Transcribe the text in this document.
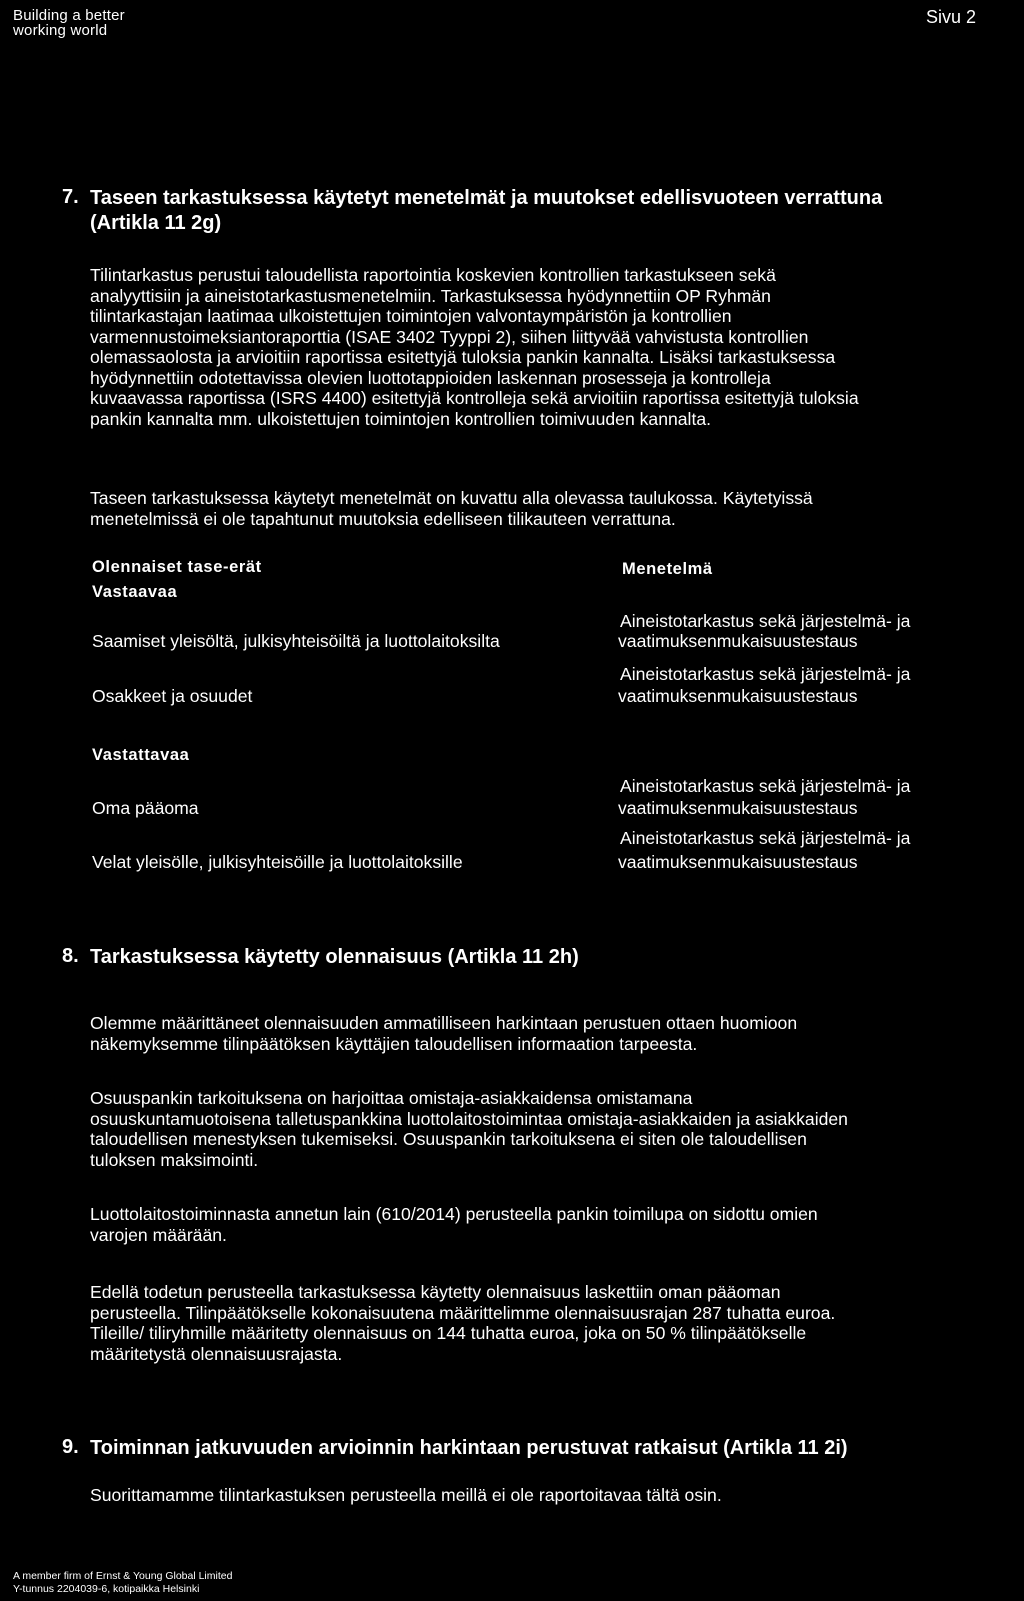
Building a better
working world
Sivu 2
7. Taseen tarkastuksessa käytetyt menetelmät ja muutokset edellisvuoteen verrattuna
(Artikla 11 2g)

Tilintarkastus perustui taloudellista raportointia koskevien kontrollien tarkastukseen sekä

analyyttisiin ja aineistotarkastusmenetelmiin. Tarkastuksessa hyödynnettiin OP Ryhmän

tilintarkastajan laatimaa ulkoistettujen toimintojen valvontaympäristön ja kontrollien

varmennustoimeksiantoraporttia (ISAE 3402 Tyyppi 2), siihen liittyvää vahvistusta kontrollien

olemassaolosta ja arvioitiin raportissa esitettyjä tuloksia pankin kannalta. Lisäksi tarkastuksessa

hyödynnettiin odotettavissa olevien luottotappioiden laskennan prosesseja ja kontrolleja

kuvaavassa raportissa (ISRS 4400) esitettyjä kontrolleja sekä arvioitiin raportissa esitettyjä tuloksia

pankin kannalta mm. ulkoistettujen toimintojen kontrollien toimivuuden kannalta.

Taseen tarkastuksessa käytetyt menetelmät on kuvattu alla olevassa taulukossa. Käytetyissä

menetelmissä ei ole tapahtunut muutoksia edelliseen tilikauteen verrattuna.

Olennaiset tase-erät	Menetelmä
Vastaavaa
Aineistotarkastus sekä järjestelmä- ja
Saamiset yleisöltä, julkisyhteisöiltä ja luottolaitoksilta	vaatimuksenmukaisuustestaus
Aineistotarkastus sekä järjestelmä- ja
Osakkeet ja osuudet	vaatimuksenmukaisuustestaus
Vastattavaa
Aineistotarkastus sekä järjestelmä- ja
Oma pääoma	vaatimuksenmukaisuustestaus
Aineistotarkastus sekä järjestelmä- ja
Velat yleisölle, julkisyhteisöille ja luottolaitoksille	vaatimuksenmukaisuustestaus
8. Tarkastuksessa käytetty olennaisuus (Artikla 11 2h)

Olemme määrittäneet olennaisuuden ammatilliseen harkintaan perustuen ottaen huomioon

näkemyksemme tilinpäätöksen käyttäjien taloudellisen informaation tarpeesta.

Osuuspankin tarkoituksena on harjoittaa omistaja-asiakkaidensa omistamana

osuuskuntamuotoisena talletuspankkina luottolaitostoimintaa omistaja-asiakkaiden ja asiakkaiden

taloudellisen menestyksen tukemiseksi. Osuuspankin tarkoituksena ei siten ole taloudellisen

tuloksen maksimointi.

Luottolaitostoiminnasta annetun lain (610/2014) perusteella pankin toimilupa on sidottu omien

varojen määrään.

Edellä todetun perusteella tarkastuksessa käytetty olennaisuus laskettiin oman pääoman

perusteella. Tilinpäätökselle kokonaisuutena määrittelimme olennaisuusrajan 287 tuhatta euroa.

Tileille/ tiliryhmille määritetty olennaisuus on 144 tuhatta euroa, joka on 50 % tilinpäätökselle

määritetystä olennaisuusrajasta.

9. Toiminnan jatkuvuuden arvioinnin harkintaan perustuvat ratkaisut (Artikla 11 2i)

Suorittamamme tilintarkastuksen perusteella meillä ei ole raportoitavaa tältä osin.

A member firm of Ernst & Young Global Limited
Y-tunnus 2204039-6, kotipaikka Helsinki
